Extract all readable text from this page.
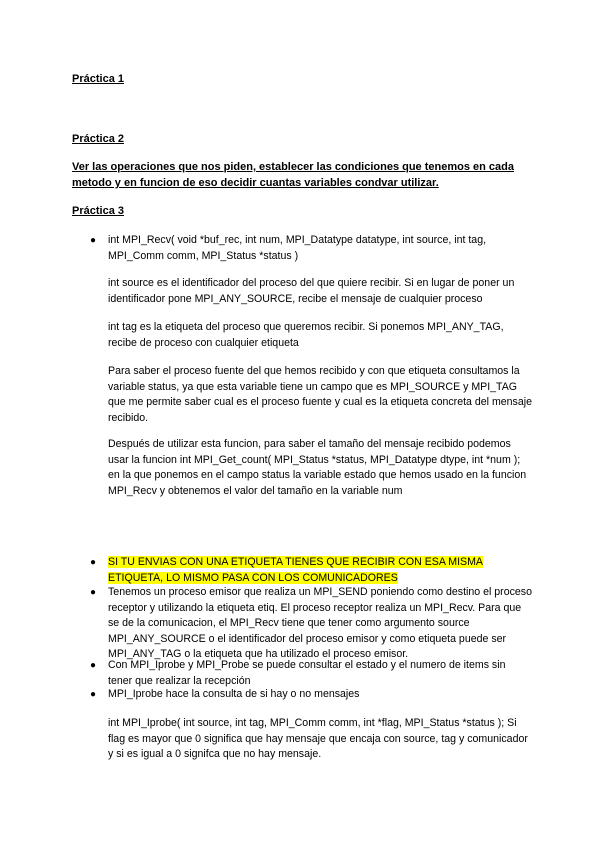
Práctica 1

Práctica 2

Ver las operaciones que nos piden, establecer las condiciones que tenemos en cada metodo y en funcion de eso decidir cuantas variables condvar utilizar.

Práctica 3

● int MPI_Recv( void *buf_rec, int num, MPI_Datatype datatype, int source, int tag, MPI_Comm comm, MPI_Status *status )

int source es el identificador del proceso del que quiere recibir. Si en lugar de poner un identificador pone MPI_ANY_SOURCE, recibe el mensaje de cualquier proceso

int tag es la etiqueta del proceso que queremos recibir. Si ponemos MPI_ANY_TAG, recibe de proceso con cualquier etiqueta

Para saber el proceso fuente del que hemos recibido y con que etiqueta consultamos la variable status, ya que esta variable tiene un campo que es MPI_SOURCE y MPI_TAG que me permite saber cual es el proceso fuente y cual es la etiqueta concreta del mensaje recibido.

Después de utilizar esta funcion, para saber el tamaño del mensaje recibido podemos usar la funcion int MPI_Get_count( MPI_Status *status, MPI_Datatype dtype, int *num ); en la que ponemos en el campo status la variable estado que hemos usado en la funcion MPI_Recv y obtenemos el valor del tamaño en la variable num

● SI TU ENVIAS CON UNA ETIQUETA TIENES QUE RECIBIR CON ESA MISMA ETIQUETA, LO MISMO PASA CON LOS COMUNICADORES

● Tenemos un proceso emisor que realiza un MPI_SEND poniendo como destino el proceso receptor y utilizando la etiqueta etiq. El proceso receptor realiza un MPI_Recv. Para que se de la comunicacion, el MPI_Recv tiene que tener como argumento source MPI_ANY_SOURCE o el identificador del proceso emisor y como etiqueta puede ser MPI_ANY_TAG o la etiqueta que ha utilizado el proceso emisor.

● Con MPI_Iprobe y MPI_Probe se puede consultar el estado y el numero de items sin tener que realizar la recepción

● MPI_Iprobe hace la consulta de si hay o no mensajes

int MPI_Iprobe( int source, int tag, MPI_Comm comm, int *flag, MPI_Status *status ); Si flag es mayor que 0 significa que hay mensaje que encaja con source, tag y comunicador y si es igual a 0 signifca que no hay mensaje.
